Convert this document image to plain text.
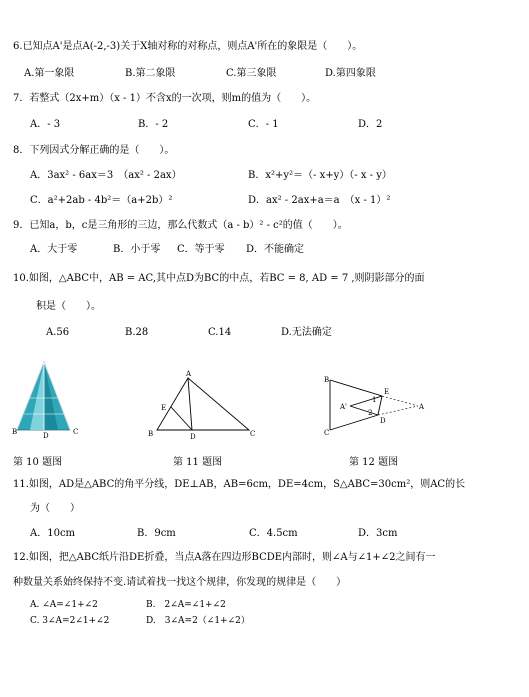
6.已知点A'是点A(-2,-3)关于X轴对称的对称点，则点A'所在的象限是（　　）。
A.第一象限	B.第二象限	C.第三象限	D.第四象限
7．若整式（2x+m）（x - 1）不含x的一次项，则m的值为（　　）。
A．- 3	B．- 2	C．- 1	D．2
8．下列因式分解正确的是（　　）。
A．3ax² - 6ax＝3　（ax² - 2ax）	B．x²+y²＝（- x+y）（- x - y）
C．a²+2ab - 4b²＝（a+2b）²	D．ax² - 2ax+a＝a　（x - 1）²
9．已知a，b，c是三角形的三边，那么代数式（a - b）² - c²的值（　　）。
A．大于零	B．小于零 C．等于零 D．不能确定
10.如图，△ABC中，AB = AC,其中点D为BC的中点，若BC = 8, AD = 7 ,则阴影部分的面
积是（　　）。
A.56	B.28	C.14	D.无法确定
B	C
D
第 10 题图
A
B	C
D
E
第 11 题图
B
C
E
D
A
A'
1
2
第 12 题图
11.如图，AD是△ABC的角平分线，DE⊥AB，AB=6cm，DE=4cm，S△ABC=30cm²，则AC的长
为（　　）
A．10cm	B．9cm	C．4.5cm	D．3cm
12.如图，把△ABC纸片沿DE折叠，当点A落在四边形BCDE内部时，则∠A与∠1+∠2之间有一
种数量关系始终保持不变.请试着找一找这个规律，你发现的规律是（　　）
A. ∠A=∠1+∠2	B.　2∠A=∠1+∠2
C. 3∠A=2∠1+∠2	D.　3∠A=2（∠1+∠2）
